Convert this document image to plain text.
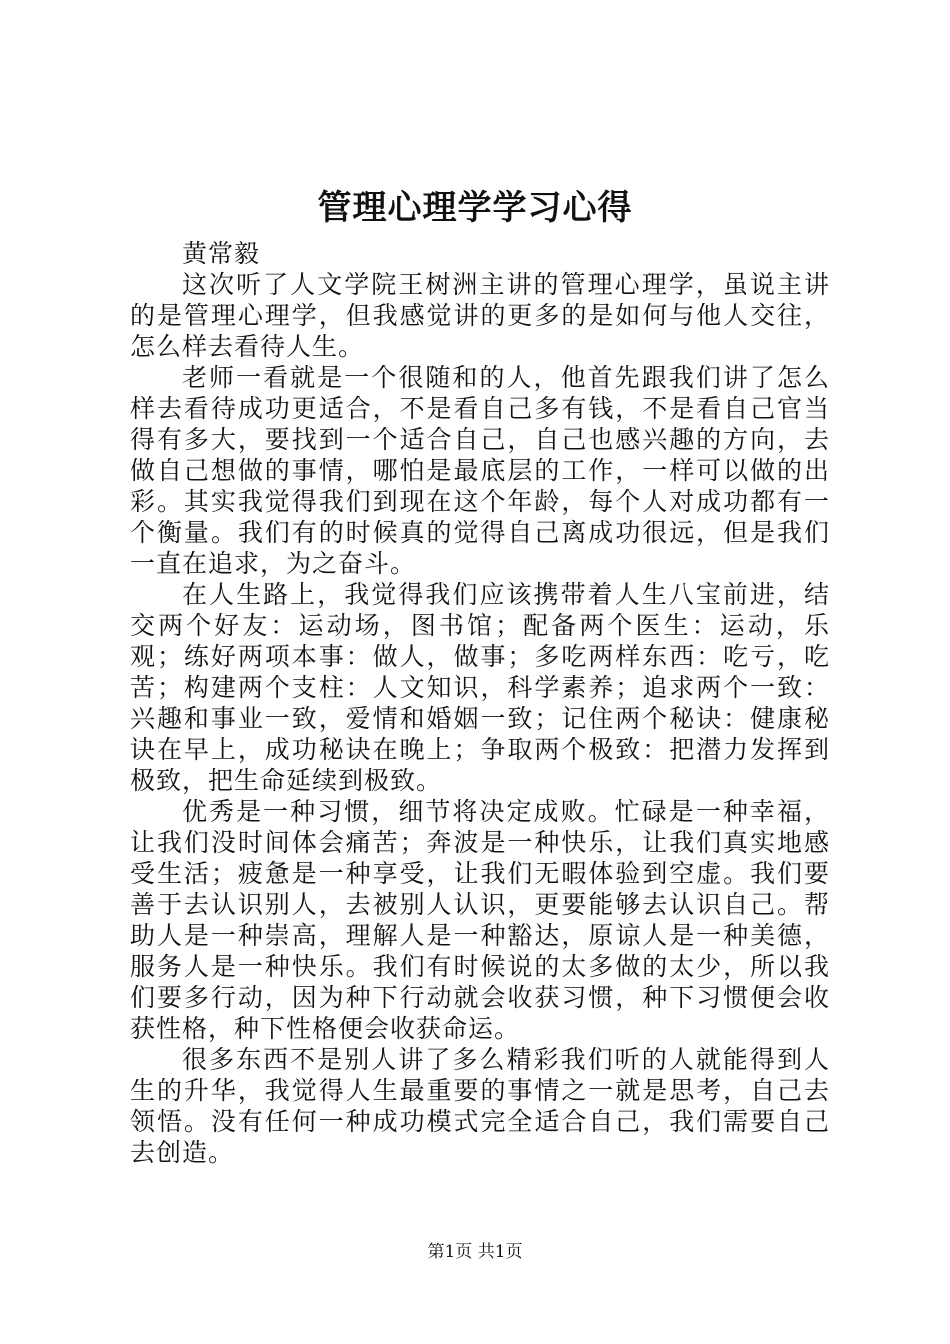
管理心理学学习心得

黄常毅

这次听了人文学院王树洲主讲的管理心理学，虽说主讲的是管理心理学，但我感觉讲的更多的是如何与他人交往，怎么样去看待人生。

老师一看就是一个很随和的人，他首先跟我们讲了怎么样去看待成功更适合，不是看自己多有钱，不是看自己官当得有多大，要找到一个适合自己，自己也感兴趣的方向，去做自己想做的事情，哪怕是最底层的工作，一样可以做的出彩。其实我觉得我们到现在这个年龄，每个人对成功都有一个衡量。我们有的时候真的觉得自己离成功很远，但是我们一直在追求，为之奋斗。

在人生路上，我觉得我们应该携带着人生八宝前进，结交两个好友：运动场，图书馆；配备两个医生：运动，乐观；练好两项本事：做人，做事；多吃两样东西：吃亏，吃苦；构建两个支柱：人文知识，科学素养；追求两个一致：兴趣和事业一致，爱情和婚姻一致；记住两个秘诀：健康秘诀在早上，成功秘诀在晚上；争取两个极致：把潜力发挥到极致，把生命延续到极致。

优秀是一种习惯，细节将决定成败。忙碌是一种幸福，让我们没时间体会痛苦；奔波是一种快乐，让我们真实地感受生活；疲惫是一种享受，让我们无暇体验到空虚。我们要善于去认识别人，去被别人认识，更要能够去认识自己。帮助人是一种崇高，理解人是一种豁达，原谅人是一种美德，服务人是一种快乐。我们有时候说的太多做的太少，所以我们要多行动，因为种下行动就会收获习惯，种下习惯便会收获性格，种下性格便会收获命运。

很多东西不是别人讲了多么精彩我们听的人就能得到人生的升华，我觉得人生最重要的事情之一就是思考，自己去领悟。没有任何一种成功模式完全适合自己，我们需要自己去创造。

第1页 共1页
